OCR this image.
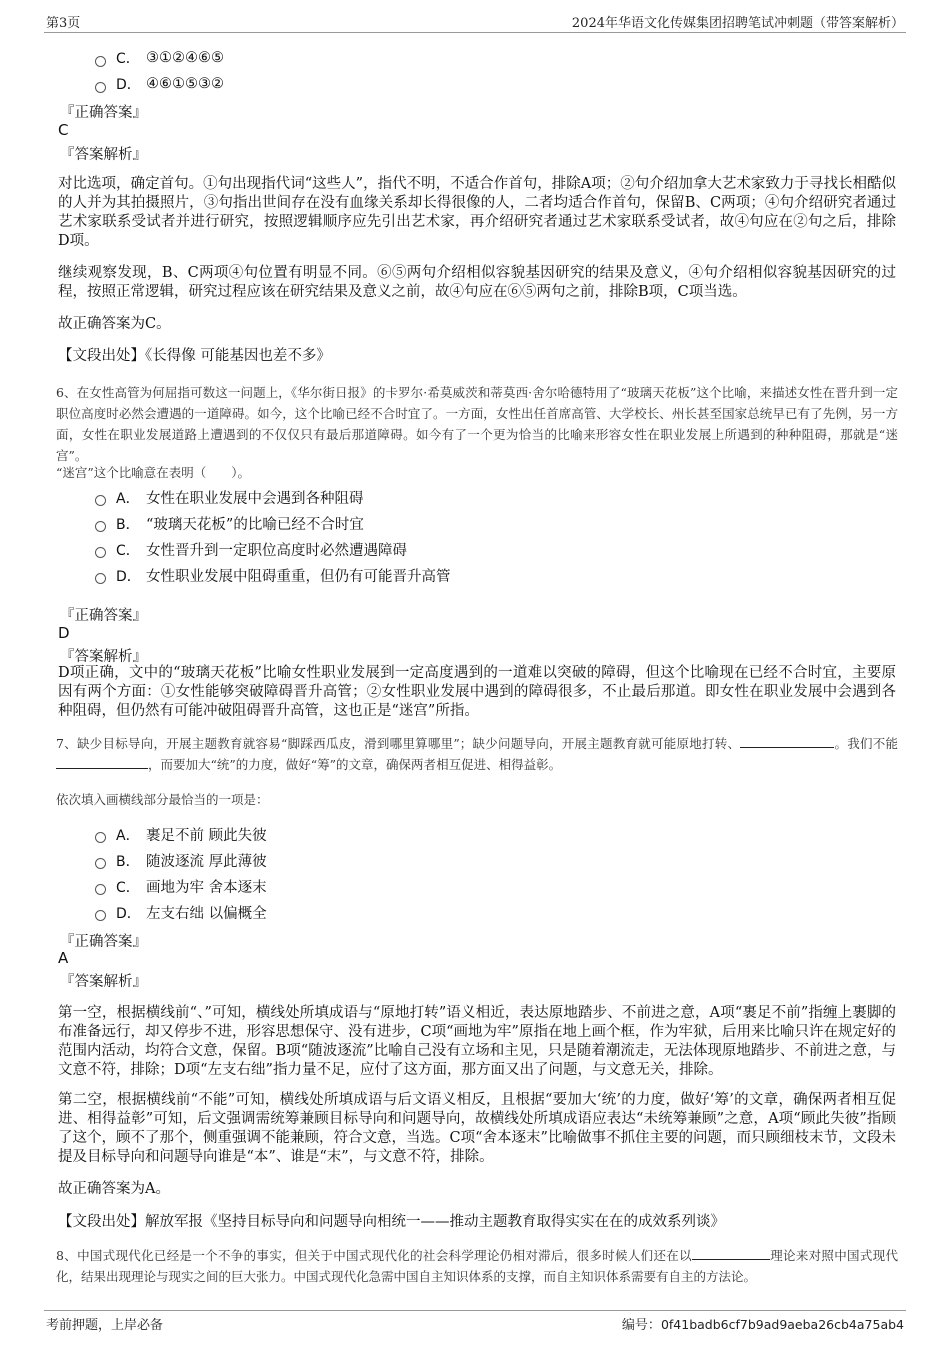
第3页	2024年华语文化传媒集团招聘笔试冲刺题（带答案解析）
C． ③①②④⑥⑤
D． ④⑥①⑤③②
『正确答案』
C
『答案解析』
对比选项，确定首句。①句出现指代词“这些人”，指代不明，不适合作首句，排除A项；②句介绍加拿大艺术家致力于寻找长相酷似的人并为其拍摄照片，③句指出世间存在没有血缘关系却长得很像的人，二者均适合作首句，保留B、C两项；④句介绍研究者通过艺术家联系受试者并进行研究，按照逻辑顺序应先引出艺术家，再介绍研究者通过艺术家联系受试者，故④句应在②句之后，排除D项。
继续观察发现，B、C两项④句位置有明显不同。⑥⑤两句介绍相似容貌基因研究的结果及意义，④句介绍相似容貌基因研究的过程，按照正常逻辑，研究过程应该在研究结果及意义之前，故④句应在⑥⑤两句之前，排除B项，C项当选。
故正确答案为C。
【文段出处】《长得像 可能基因也差不多》
6、在女性高管为何屈指可数这一问题上，《华尔街日报》的卡罗尔·希莫威茨和蒂莫西·舍尔哈德特用了“玻璃天花板”这个比喻，来描述女性在晋升到一定职位高度时必然会遭遇的一道障碍。如今，这个比喻已经不合时宜了。一方面，女性出任首席高管、大学校长、州长甚至国家总统早已有了先例，另一方面，女性在职业发展道路上遭遇到的不仅仅只有最后那道障碍。如今有了一个更为恰当的比喻来形容女性在职业发展上所遇到的种种阻碍，那就是“迷宫”。
“迷宫”这个比喻意在表明（　　）。
A． 女性在职业发展中会遇到各种阻碍
B． “玻璃天花板”的比喻已经不合时宜
C． 女性晋升到一定职位高度时必然遭遇障碍
D． 女性职业发展中阻碍重重，但仍有可能晋升高管
『正确答案』
D
『答案解析』
D项正确，文中的“玻璃天花板”比喻女性职业发展到一定高度遇到的一道难以突破的障碍，但这个比喻现在已经不合时宜，主要原因有两个方面：①女性能够突破障碍晋升高管；②女性职业发展中遇到的障碍很多，不止最后那道。即女性在职业发展中会遇到各种阻碍，但仍然有可能冲破阻碍晋升高管，这也正是“迷宫”所指。
7、缺少目标导向，开展主题教育就容易“脚踩西瓜皮，滑到哪里算哪里”；缺少问题导向，开展主题教育就可能原地打转、	。我们不能，而要加大“统”的力度，做好“筹”的文章，确保两者相互促进、相得益彰。
依次填入画横线部分最恰当的一项是：
A． 裹足不前 顾此失彼
B． 随波逐流 厚此薄彼
C． 画地为牢 舍本逐末
D． 左支右绌 以偏概全
『正确答案』
A
『答案解析』
第一空，根据横线前“、”可知，横线处所填成语与“原地打转”语义相近，表达原地踏步、不前进之意，A项“裹足不前”指缠上裹脚的布准备远行，却又停步不进，形容思想保守、没有进步，C项“画地为牢”原指在地上画个框，作为牢狱，后用来比喻只许在规定好的范围内活动，均符合文意，保留。B项“随波逐流”比喻自己没有立场和主见，只是随着潮流走，无法体现原地踏步、不前进之意，与文意不符，排除；D项“左支右绌”指力量不足，应付了这方面，那方面又出了问题，与文意无关，排除。
第二空，根据横线前“不能”可知，横线处所填成语与后文语义相反，且根据“要加大‘统’的力度，做好‘筹’的文章，确保两者相互促进、相得益彰”可知，后文强调需统筹兼顾目标导向和问题导向，故横线处所填成语应表达“未统筹兼顾”之意，A项“顾此失彼”指顾了这个，顾不了那个，侧重强调不能兼顾，符合文意，当选。C项“舍本逐末”比喻做事不抓住主要的问题，而只顾细枝末节，文段未提及目标导向和问题导向谁是“本”、谁是“末”，与文意不符，排除。
故正确答案为A。
【文段出处】解放军报《坚持目标导向和问题导向相统一——推动主题教育取得实实在在的成效系列谈》
8、中国式现代化已经是一个不争的事实，但关于中国式现代化的社会科学理论仍相对滞后，很多时候人们还在以	理论来对照中国式现代化，结果出现理论与现实之间的巨大张力。中国式现代化急需中国自主知识体系的支撑，而自主知识体系需要有自主的方法论。
考前押题，上岸必备	编号：0f41badb6cf7b9ad9aeba26cb4a75ab4
